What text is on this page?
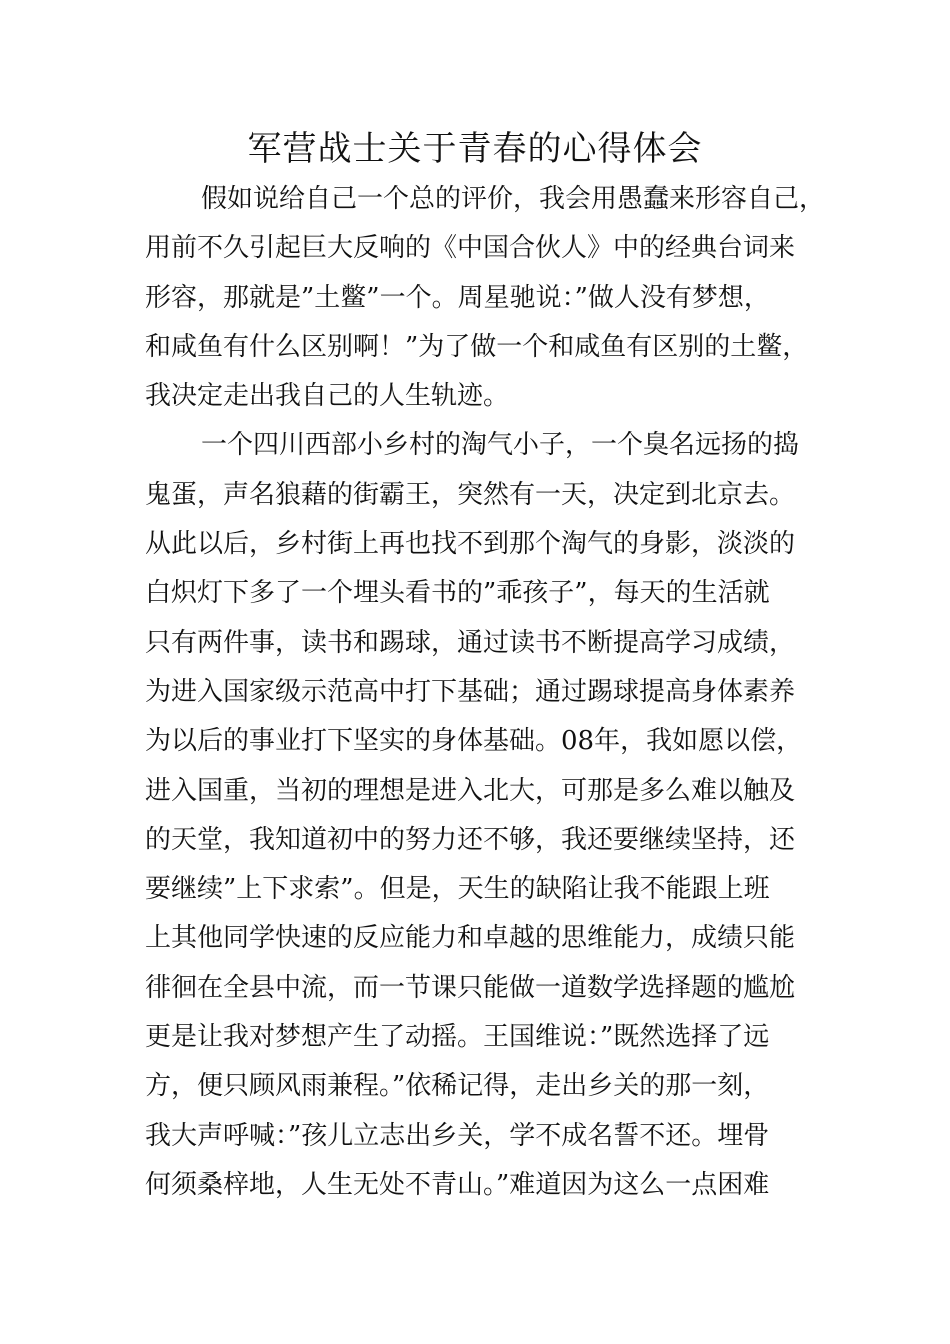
军营战士关于青春的心得体会
假如说给自己一个总的评价，我会用愚蠢来形容自己，
用前不久引起巨大反响的《中国合伙人》中的经典台词来
形容，那就是”土鳖”一个。周星驰说：”做人没有梦想，
和咸鱼有什么区别啊！”为了做一个和咸鱼有区别的土鳖，
我决定走出我自己的人生轨迹。
一个四川西部小乡村的淘气小子，一个臭名远扬的捣
鬼蛋，声名狼藉的街霸王，突然有一天，决定到北京去。
从此以后，乡村街上再也找不到那个淘气的身影，淡淡的
白炽灯下多了一个埋头看书的”乖孩子”，每天的生活就
只有两件事，读书和踢球，通过读书不断提高学习成绩，
为进入国家级示范高中打下基础；通过踢球提高身体素养
为以后的事业打下坚实的身体基础。08年，我如愿以偿，
进入国重，当初的理想是进入北大，可那是多么难以触及
的天堂，我知道初中的努力还不够，我还要继续坚持，还
要继续”上下求索”。但是，天生的缺陷让我不能跟上班
上其他同学快速的反应能力和卓越的思维能力，成绩只能
徘徊在全县中流，而一节课只能做一道数学选择题的尴尬
更是让我对梦想产生了动摇。王国维说：”既然选择了远
方，便只顾风雨兼程。”依稀记得，走出乡关的那一刻，
我大声呼喊：”孩儿立志出乡关，学不成名誓不还。埋骨
何须桑梓地，人生无处不青山。”难道因为这么一点困难
